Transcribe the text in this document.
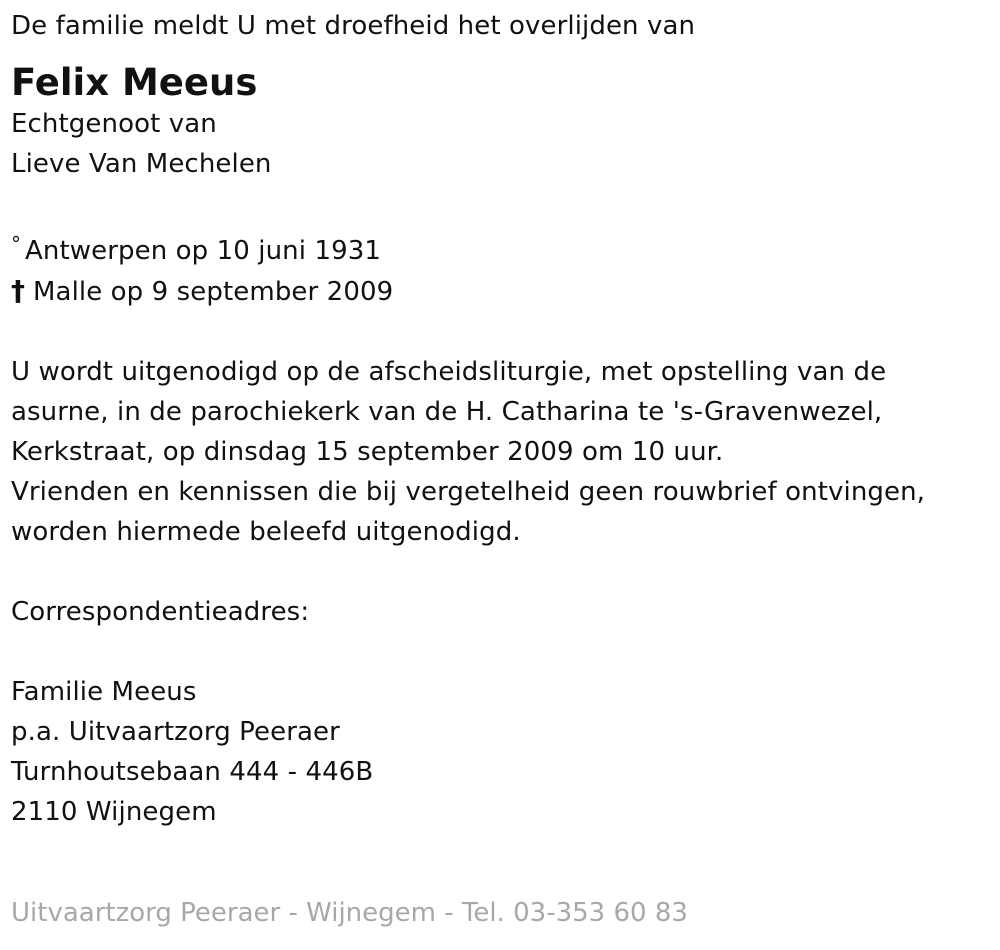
De familie meldt U met droefheid het overlijden van
Felix Meeus
Echtgenoot van
Lieve Van Mechelen
° Antwerpen op 10 juni 1931
† Malle op 9 september 2009
U wordt uitgenodigd op de afscheidsliturgie, met opstelling van de
asurne, in de parochiekerk van de H. Catharina te 's-Gravenwezel,
Kerkstraat, op dinsdag 15 september 2009 om 10 uur.
Vrienden en kennissen die bij vergetelheid geen rouwbrief ontvingen,
worden hiermede beleefd uitgenodigd.
Correspondentieadres:
Familie Meeus
p.a. Uitvaartzorg Peeraer
Turnhoutsebaan 444 - 446B
2110 Wijnegem
Uitvaartzorg Peeraer - Wijnegem - Tel. 03-353 60 83
